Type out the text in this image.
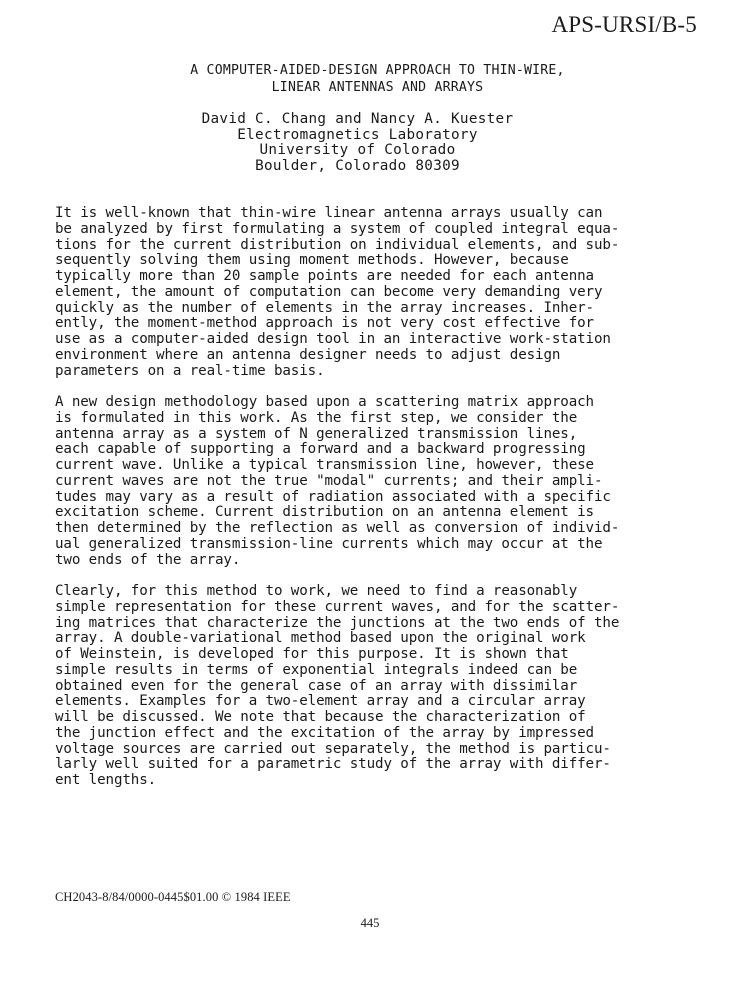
APS-URSI/B-5
A COMPUTER-AIDED-DESIGN APPROACH TO THIN-WIRE,
LINEAR ANTENNAS AND ARRAYS
David C. Chang and Nancy A. Kuester
Electromagnetics Laboratory
University of Colorado
Boulder, Colorado 80309

It is well-known that thin-wire linear antenna arrays usually can
be analyzed by first formulating a system of coupled integral equa-
tions for the current distribution on individual elements, and sub-
sequently solving them using moment methods. However, because
typically more than 20 sample points are needed for each antenna
element, the amount of computation can become very demanding very
quickly as the number of elements in the array increases. Inher-
ently, the moment-method approach is not very cost effective for
use as a computer-aided design tool in an interactive work-station
environment where an antenna designer needs to adjust design
parameters on a real-time basis.

A new design methodology based upon a scattering matrix approach
is formulated in this work. As the first step, we consider the
antenna array as a system of N generalized transmission lines,
each capable of supporting a forward and a backward progressing
current wave. Unlike a typical transmission line, however, these
current waves are not the true "modal" currents; and their ampli-
tudes may vary as a result of radiation associated with a specific
excitation scheme. Current distribution on an antenna element is
then determined by the reflection as well as conversion of individ-
ual generalized transmission-line currents which may occur at the
two ends of the array.

Clearly, for this method to work, we need to find a reasonably
simple representation for these current waves, and for the scatter-
ing matrices that characterize the junctions at the two ends of the
array. A double-variational method based upon the original work
of Weinstein, is developed for this purpose. It is shown that
simple results in terms of exponential integrals indeed can be
obtained even for the general case of an array with dissimilar
elements. Examples for a two-element array and a circular array
will be discussed. We note that because the characterization of
the junction effect and the excitation of the array by impressed
voltage sources are carried out separately, the method is particu-
larly well suited for a parametric study of the array with differ-
ent lengths.

CH2043-8/84/0000-0445$01.00 © 1984 IEEE
445
